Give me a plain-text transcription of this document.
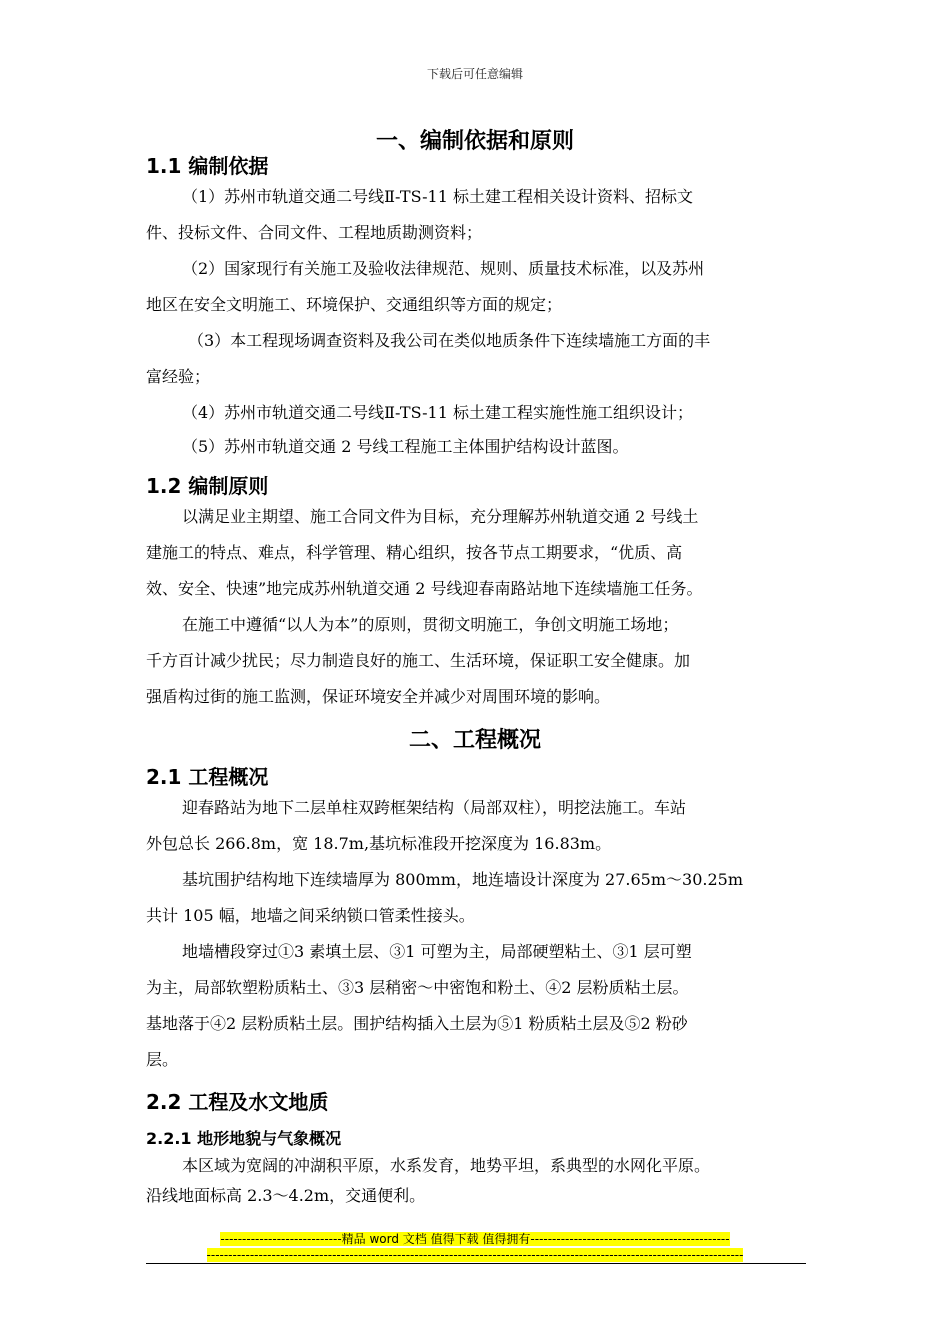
下载后可任意编辑
一、编制依据和原则
1.1 编制依据
（1）苏州市轨道交通二号线Ⅱ-TS-11 标土建工程相关设计资料、招标文
件、投标文件、合同文件、工程地质勘测资料；
（2）国家现行有关施工及验收法律规范、规则、质量技术标准，以及苏州
地区在安全文明施工、环境保护、交通组织等方面的规定；
（3）本工程现场调查资料及我公司在类似地质条件下连续墙施工方面的丰
富经验；
（4）苏州市轨道交通二号线Ⅱ-TS-11 标土建工程实施性施工组织设计；
（5）苏州市轨道交通 2 号线工程施工主体围护结构设计蓝图。
1.2 编制原则
以满足业主期望、施工合同文件为目标，充分理解苏州轨道交通 2 号线土
建施工的特点、难点，科学管理、精心组织，按各节点工期要求，“优质、高
效、安全、快速”地完成苏州轨道交通 2 号线迎春南路站地下连续墙施工任务。
在施工中遵循“以人为本”的原则，贯彻文明施工，争创文明施工场地；
千方百计减少扰民；尽力制造良好的施工、生活环境，保证职工安全健康。加
强盾构过街的施工监测，保证环境安全并减少对周围环境的影响。
二、工程概况
2.1 工程概况
迎春路站为地下二层单柱双跨框架结构（局部双柱），明挖法施工。车站
外包总长 266.8m，宽 18.7m,基坑标准段开挖深度为 16.83m。
基坑围护结构地下连续墙厚为 800mm，地连墙设计深度为 27.65m～30.25m
共计 105 幅，地墙之间采纳锁口管柔性接头。
地墙槽段穿过①3 素填土层、③1 可塑为主，局部硬塑粘土、③1 层可塑
为主，局部软塑粉质粘土、③3 层稍密～中密饱和粉土、④2 层粉质粘土层。
基地落于④2 层粉质粘土层。围护结构插入土层为⑤1 粉质粘土层及⑤2 粉砂
层。
2.2 工程及水文地质
2.2.1 地形地貌与气象概况
本区域为宽阔的冲湖积平原，水系发育，地势平坦，系典型的水网化平原。
沿线地面标高 2.3～4.2m，交通便利。
----------------------------精品 word 文档 值得下载 值得拥有----------------------------------------------
----------------------------------------------------------------------------------------------------------------------------
